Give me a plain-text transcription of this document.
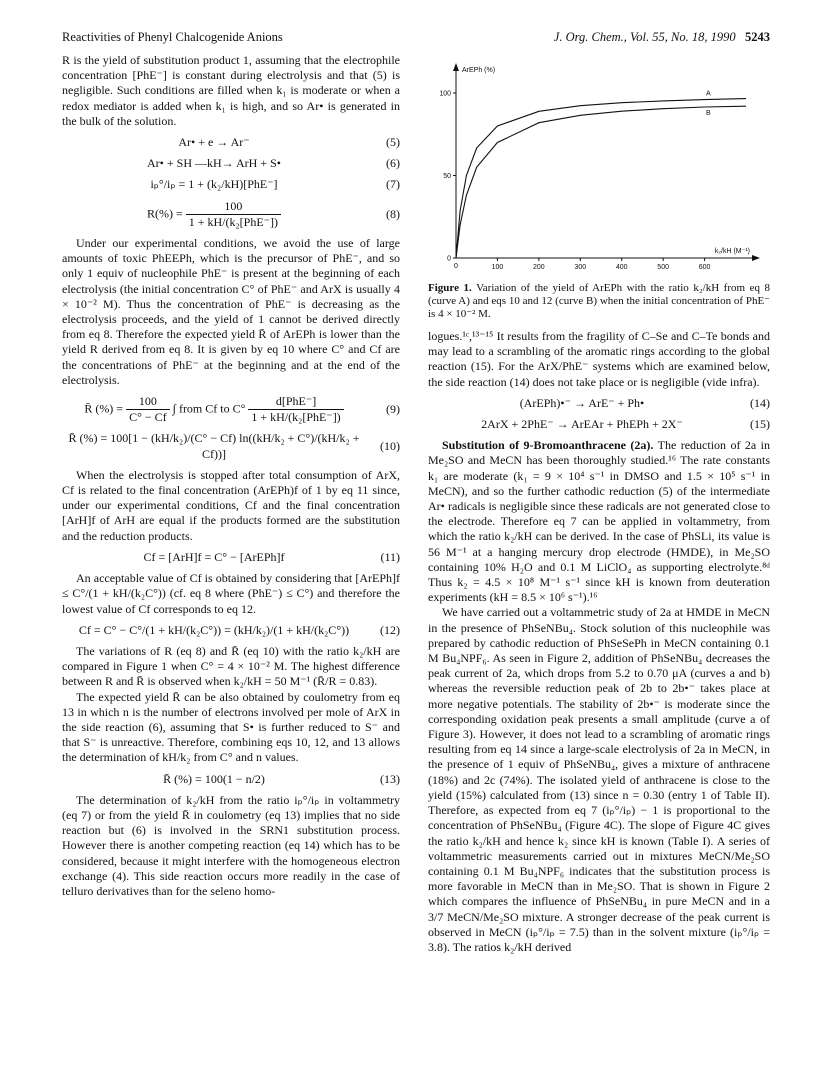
Reactivities of Phenyl Chalcogenide Anions	J. Org. Chem., Vol. 55, No. 18, 1990 5243

R is the yield of substitution product 1, assuming that the electrophile concentration [PhE⁻] is constant during electrolysis and that (5) is negligible. Such conditions are filled when k₁ is moderate or when a redox mediator is added when k₁ is high, and so Ar• is generated in the bulk of the solution.

Ar• + e → Ar⁻	(5)
Ar• + SH —kH→ ArH + S•	(6)
iₚ°/iₚ = 1 + (k₂/kH)[PhE⁻]	(7)
$R(\%) = \frac{100}{\text{1 + kH/(k₂[PhE⁻])}}$	(8)

Under our experimental conditions, we avoid the use of large amounts of toxic PhEEPh, which is the precursor of PhE⁻, and so only 1 equiv of nucleophile PhE⁻ is present at the beginning of each electrolysis (the initial concentration C° of PhE⁻ and ArX is usually 4 × 10⁻² M). Thus the concentration of PhE⁻ is decreasing as the electrolysis proceeds, and the yield of 1 cannot be derived directly from eq 8. Therefore the expected yield R̄ of ArEPh is lower than the yield R derived from eq 8. It is given by eq 10 where C° and Cf are the concentrations of PhE⁻ at the beginning and at the end of the electrolysis.

R̄ (%) = $\frac{100}{C^\circ - Cf}$ ∫ from Cf to $C^\circ \frac{\text{d[PhE⁻]}}{\text{1 + kH/(k₂[PhE⁻])}}$	(9)
R̄ (%) = 100[1 − (kH/k₂)/(C° − Cf) ln((kH/k₂ + C°)/(kH/k₂ + Cf))]
(10)

When the electrolysis is stopped after total consumption of ArX, Cf is related to the final concentration (ArEPh)f of 1 by eq 11 since, under our experimental conditions, Cf and the final concentration [ArH]f of ArH are equal if the products formed are the substitution and the reduction products.

Cf = [ArH]f = C° − [ArEPh]f	(11)

An acceptable value of Cf is obtained by considering that [ArEPh]f ≤ C°/(1 + kH/(k₂C°)) (cf. eq 8 where (PhE⁻) ≤ C°) and therefore the lowest value of Cf corresponds to eq 12.

Cf = C° − C°/(1 + kH/(k₂C°)) = (kH/k₂)/(1 + kH/(k₂C°))	(12)

The variations of R (eq 8) and R̄ (eq 10) with the ratio k₂/kH are compared in Figure 1 when C° = 4 × 10⁻² M. The highest difference between R and R̄ is observed when k₂/kH = 50 M⁻¹ (R̄/R = 0.83).

The expected yield R̄ can be also obtained by coulometry from eq 13 in which n is the number of electrons involved per mole of ArX in the side reaction (6), assuming that S• is further reduced to S⁻ and that S⁻ is unreactive. Therefore, combining eqs 10, 12, and 13 allows the determination of kH/k₂ from C° and n values.

R̄ (%) = 100(1 − n/2)	(13)

The determination of k₂/kH from the ratio iₚ°/iₚ in voltammetry (eq 7) or from the yield R̄ in coulometry (eq 13) implies that no side reaction but (6) is involved in the SRN1 substitution process. However there is another competing reaction (eq 14) which has to be considered, because it might interfere with the homogeneous electron exchange (4). This side reaction occurs more readily in the case of telluro derivatives than for the seleno homo-

ArEPh (%)
k₂/kH (M⁻¹)
100
50
0
0	100	200	300	400	500	600
A
B
Figure 1. Variation of the yield of ArEPh with the ratio k₂/kH from eq 8 (curve A) and eqs 10 and 12 (curve B) when the initial concentration of PhE⁻ is 4 × 10⁻² M.

logues.¹ᶜ,¹³⁻¹⁵ It results from the fragility of C–Se and C–Te bonds and may lead to a scrambling of the aromatic rings according to the global reaction (15). For the ArX/PhE⁻ systems which are examined below, the side reaction (14) does not take place or is negligible (vide infra).

(ArEPh)•⁻ → ArE⁻ + Ph•	(14)
2ArX + 2PhE⁻ → ArEAr + PhEPh + 2X⁻	(15)

Substitution of 9-Bromoanthracene (2a). The reduction of 2a in Me₂SO and MeCN has been thoroughly studied.¹⁶ The rate constants k₁ are moderate (k₁ = 9 × 10⁴ s⁻¹ in DMSO and 1.5 × 10⁵ s⁻¹ in MeCN), and so the further cathodic reduction (5) of the intermediate Ar• radicals is negligible since these radicals are not generated close to the electrode. Therefore eq 7 can be applied in voltammetry, from which the ratio k₂/kH can be derived. In the case of PhSLi, its value is 56 M⁻¹ at a hanging mercury drop electrode (HMDE), in Me₂SO containing 10% H₂O and 0.1 M LiClO₄ as supporting electrolyte.⁸ᵈ Thus k₂ = 4.5 × 10⁸ M⁻¹ s⁻¹ since kH is known from deuteration experiments (kH = 8.5 × 10⁶ s⁻¹).¹⁶

We have carried out a voltammetric study of 2a at HMDE in MeCN in the presence of PhSeNBu₄. Stock solution of this nucleophile was prepared by cathodic reduction of PhSeSePh in MeCN containing 0.1 M Bu₄NPF₆. As seen in Figure 2, addition of PhSeNBu₄ decreases the peak current of 2a, which drops from 5.2 to 0.70 μA (curves a and b) whereas the reversible reduction peak of 2b to 2b•⁻ takes place at more negative potentials. The stability of 2b•⁻ is moderate since the corresponding oxidation peak presents a small amplitude (curve a of Figure 3). However, it does not lead to a scrambling of aromatic rings resulting from eq 14 since a large-scale electrolysis of 2a in MeCN, in the presence of 1 equiv of PhSeNBu₄, gives a mixture of anthracene (18%) and 2c (74%). The isolated yield of anthracene is close to the yield (15%) calculated from (13) since n = 0.30 (entry 1 of Table II). Therefore, as expected from eq 7 (iₚ°/iₚ) − 1 is proportional to the concentration of PhSeNBu₄ (Figure 4C). The slope of Figure 4C gives the ratio k₂/kH and hence k₂ since kH is known (Table I). A series of voltammetric measurements carried out in mixtures MeCN/Me₂SO containing 0.1 M Bu₄NPF₆ indicates that the substitution process is more favorable in MeCN than in Me₂SO. That is shown in Figure 2 which compares the influence of PhSeNBu₄ in pure MeCN and in a 3/7 MeCN/Me₂SO mixture. A stronger decrease of the peak current is observed in MeCN (iₚ°/iₚ = 7.5) than in the solvent mixture (iₚ°/iₚ = 3.8). The ratios k₂/kH derived
